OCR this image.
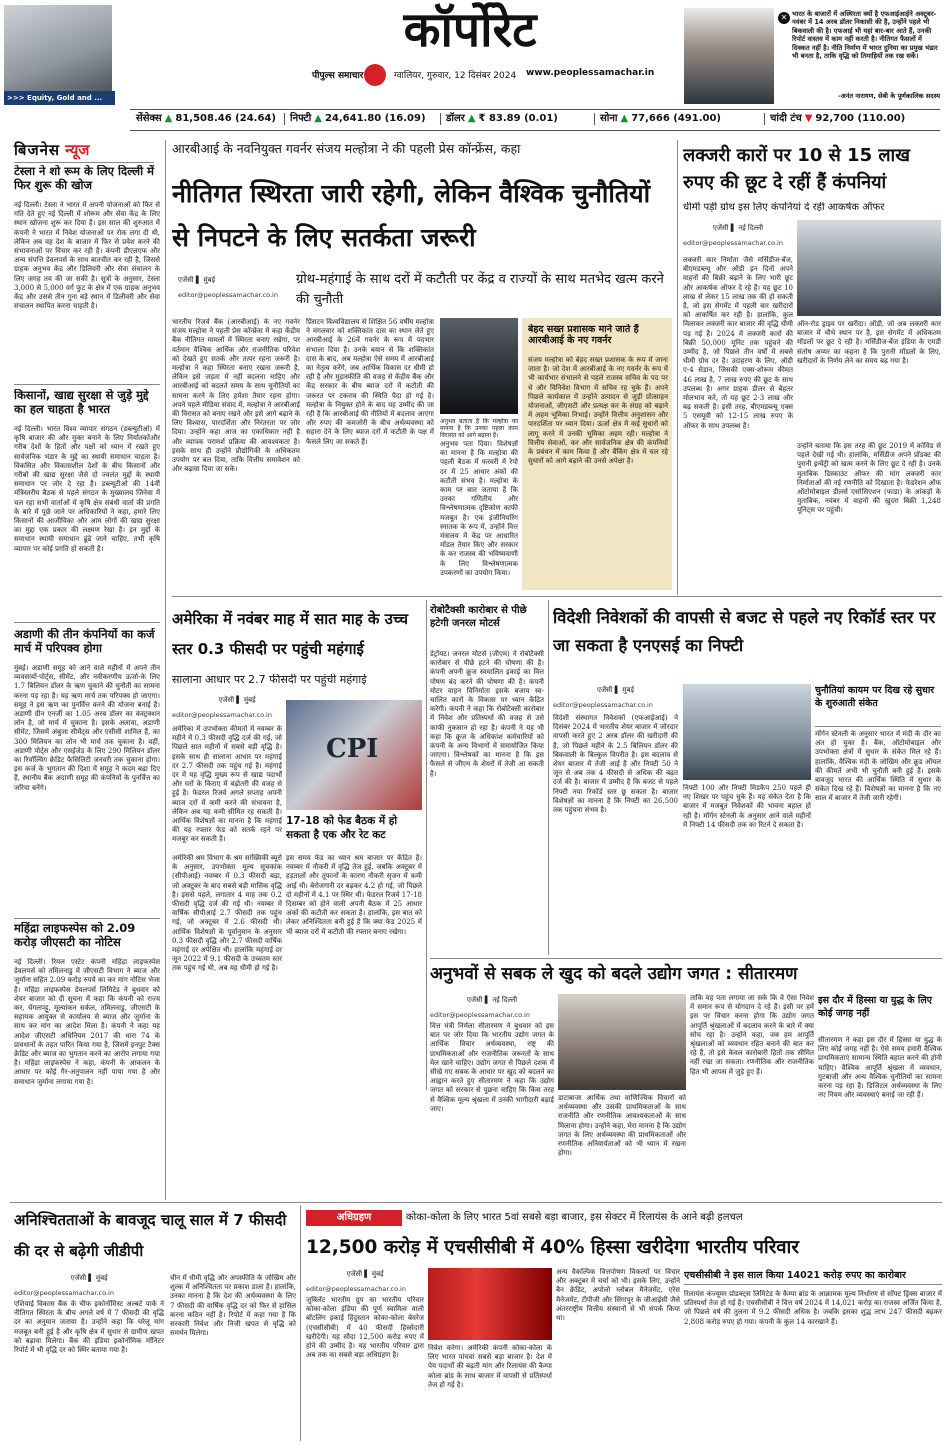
>>> Equity, Gold and ...
कॉर्पोरेट
पीपुल्स समाचार	ग्वालियर, गुरुवार, 12 दिसंबर 2024 www.peoplessamachar.in
✕ भारत के बाजारों में अस्थिरता क्यों है एफआईआईने अक्टूबर-नवंबर में 14 अरब डॉलर निकासी की है, उन्होंने पहले भी बिकवाली की है। एफआई भी यहां बार-बार आते हैं, उनकी रिपोर्ट वास्तव में काम नहीं करती है। नीतिगत फैसलों में दिक्कत नहीं है। नीति निर्माण में भारत दुनिया का प्रमुख भंडार भी बनता है, ताकि वृद्धि को तिमाहियों तक रख सकें।
-अनंत नारायण, सेबी के पूर्णकालिक सदस्य
सेंसेक्स ▲ 81,508.46 (24.64) निफ्टी ▲ 24,641.80 (16.09) डॉलर ▲ ₹ 83.89 (0.01)	सोना ▲ 77,666 (491.00)	चांदी टंच ▼ 92,700 (110.00)
बिजनेस न्यूज
टेस्ला ने शो रूम के लिए दिल्ली में फिर शुरू की खोज
नई दिल्ली। टेस्ला ने भारत में अपनी योजनाओं को फिर से गति देते हुए नई दिल्ली में शोरूम और सेवा केंद्र के लिए स्थान खोजना शुरू कर दिया है। इस साल की शुरुआत में कंपनी ने भारत में निवेश योजनाओं पर रोक लगा दी थी, लेकिन अब वह देश के बाजार में फिर से प्रवेश करने की संभावनाओं पर विचार कर रही है। कंपनी डीएलएफ और अन्य संपत्ति डेवलपर्स के साथ बातचीत कर रही है, जिससे ग्राहक अनुभव केंद्र और डिलिवरी और सेवा संचालन के लिए जगह तय की जा सकी है। सूत्रों के अनुसार, टेस्ला 3,000 से 5,000 वर्ग फुट के क्षेत्र में एक ग्राहक अनुभव केंद्र और उससे तीन गुना बड़े स्थान में डिलीवरी और सेवा संचालन स्थापित करना चाहती है।
किसानों, खाद्य सुरक्षा से जुड़े मुद्दे का हल चाहता है भारत
नई दिल्ली। भारत विश्व व्यापार संगठन (डब्ल्यूटीओ) में कृषि बाजार की और मुक्त बनाने के लिए निर्यातकोंऔर गरीब देशों के हितों और पक्षों को ध्यान में रखते हुए सार्वजनिक भंडार के मुद्दे का स्थायी समाधान चाहता है। विकसित और विकासशील देशों के बीच किसानों और गरीबों की खाद्य सुरक्षा जैसे दो ज्वलंत मुद्दों के स्थायी समाधान पर जोर दे रहा है। डब्ल्यूटीओ की 14वीं मंत्रिस्तरीय बैठक से पहले संगठन के मुख्यालय जिनेवा में चल रहा सभी वार्ताओं में कृषि क्षेत्र संबंधी वार्ता की प्रगति के बारे में पूछे जाने पर अधिकारियों ने कहा, हमारे लिए किसानों की आजीविका और आम लोगों की खाद्य सुरक्षा का मुद्दा एक प्रकार की लक्ष्मण रेखा है। इन मुद्दों के समाधान स्थायी समाधान ढूंढे जाने चाहिए, तभी कृषि व्यापार पर कोई प्रगति हो सकती है।
अडाणी की तीन कंपनियों का कर्ज मार्च में परिपक्व होगा
मुंबई। अडाणी समूह को आने वाले महीनों में अपने तीन व्यवसायों-पोर्ट्स, सीमेंट, और नवीकरणीय ऊर्जा-के लिए 1.7 बिलियन डॉलर के ऋण चुकाने की चुनौती का सामना करना पड़ रहा है। यह ऋण मार्च तक परिपक्व हो जाएगा। समूह ने इस ऋण का पुनर्वित्त करने की योजना बनाई है। अडाणी ग्रीन एनर्जी का 1.05 अरब डॉलर का कंस्ट्रक्शन लोन है, जो मार्च में चुकाना है। इसके अलावा, अडाणी सीमेंट, जिसमें अंबुजा सीमेंट्स और एसीसी शामिल हैं, का 300 मिलियन का लोन भी मार्च तक चुकाना है। वहीं, अडाणी पोर्ट्स और एसईजेड के लिए 290 मिलियन डॉलर का रिवॉल्विंग क्रेडिट फैसिलिटी जनवरी तक चुकाना होगा। इस कर्ज के भुगतान की दिशा में समूह ने कदम बढ़ा दिए हैं, स्थानीय बैंक अदाणी समूह की कंपनियों के पुनर्वित्त का जरिया बनेंगे।
महिंद्रा लाइफस्पेस को 2.09 करोड़ जीएसटी का नोटिस
नई दिल्ली। रियल एस्टेट कंपनी महिंद्रा लाइफस्पेस डेवलपर्स को तमिलनाडु में जीएसटी विभाग ने ब्याज और जुर्माना सहित 2.09 करोड़ रुपये का कर मांग नोटिस भेजा है। महिंद्रा लाइफस्पेस डेवलपर्स लिमिटेड ने बुधवार को शेयर बाजार को दी सूचना में कहा कि कंपनी को राज्य कर, चेंगलपट्टू, मूल्यांकन सर्कल, तमिलनाडु, जीएसटी के सहायक आयुक्त से कार्यालय से ब्याज और जुर्माना के साथ कर मांग का आदेश मिला है। कंपनी ने कहा यह आदेश जीएसटी अधिनियम 2017 की धारा 74 के प्रावधानों के तहत पारित किया गया है, जिसमें इनपुट टैक्स क्रेडिट और ब्याज का भुगतान करने का आरोप लगाया गया है। महिंद्रा लाइफस्पेस ने कहा, कंपनी के आकलन के आधार पर कोई गैर-अनुपालन नहीं पाया गया है और समाधान जुर्माना लगाया गया है।
आरबीआई के नवनियुक्त गवर्नर संजय मल्होत्रा ने की पहली प्रेस कॉन्फ्रेंस, कहा
नीतिगत स्थिरता जारी रहेगी, लेकिन वैश्विक चुनौतियों से निपटने के लिए सतर्कता जरूरी
एजेंसी ▌ मुंबई
editor@peoplessamachar.co.in
ग्रोथ-महंगाई के साथ दरों में कटौती पर केंद्र व राज्यों के साथ मतभेद खत्म करने की चुनौती
भारतीय रिजर्व बैंक (आरबीआई) के नए गवर्नर संजय मल्होत्रा ने पहली प्रेस कॉन्फ्रेंस में कहा केंद्रीय बैंक नीतिगत मामलों में स्थिरता बनाए रखेगा, पर वर्तमान वैश्विक आर्थिक और राजनीतिक परिवेश को देखते हुए सतर्क और तत्पर रहना जरूरी है। मल्होत्रा ने कहा स्थिरता बनाए रखना जरूरी है, लेकिन इसे जड़ता में नहीं बदलना चाहिए और आरबीआई को बदलते समय के साथ चुनौतियों का सामना करने के लिए हमेशा तैयार रहना होगा। अपने पहले मीडिया संवाद में, मल्होत्रा ने आरबीआई की विरासत को बनाए रखने और इसे आगे बढ़ाने के लिए विश्वास, पारदर्शिता और निरंतरता पर जोर दिया। उन्होंने कहा आज का एकाधिकार नहीं है और व्यापक परामर्श प्रक्रिया की आवश्यकता है। इसके साथ ही उन्होंने प्रौद्योगिकी के अधिकतम उपयोग पर बल दिया, ताकि वित्तीय समावेशन को और बढ़ावा दिया जा सके।
प्रिंसटन विश्वविद्यालय से शिक्षित 56 वर्षीय मल्होत्रा ने मंगलवार को शक्तिकांत दास का स्थान लेते हुए आरबीआई के 26वें गवर्नर के रूप में पदभार संभाला दिया है। उनके बयान से कि शक्तिकांत दास के बाद, अब मल्होत्रा ऐसे समय में आरबीआई का नेतृत्व करेंगे, जब आर्थिक विकास दर धीमी हो रही है और मुद्रास्फीति की वजह से केंद्रीय बैंक और केंद्र सरकार के बीच ब्याज दरों में कटौती की जरूरत पर टकराव की स्थिति पैदा हो गई है। मल्होत्रा के नियुक्त होने के बाद यह उम्मीद की जा रही है कि आरबीआई की नीतियों में बदलाव आएगा और रुपए की कमजोरी के बीच अर्थव्यवस्था को सहारा देने के लिए ब्याज दरों में कटौती के पक्ष में फैसले लिए जा सकते हैं।
अनुभव बताता है कि मल्होत्रा का मानना है कि उनका पहला काम विरासत को आगे बढ़ाना है।
अनुभव पता दिया। विशेषज्ञों का मानना है कि मल्होत्रा की पहली बैठक में फरवरी में रेपो दर में 25 आधार अंकों की कटौती संभव है। मल्होत्रा के काम पर बात जताया है कि उनका गणितीय और विश्लेषणात्मक दृष्टिकोण काफी मजबूत है। एक इंजीनियरिंग स्नातक के रूप में, उन्होंने वित्त मंत्रालय में केंद्र पर आधारित मॉडल तैयार किए और सरकार के कर राजस्व की भविष्यवाणी के लिए विश्लेषणात्मक उपकरणों का उपयोग किया।
बेहद सख्त प्रशासक माने जाते हैं आरबीआई के नए गवर्नर
संजय मल्होत्रा को बेहद सख्त प्रशासक के रूप में जाना जाता है। जो देश में आरबीआई के नए गवर्नर के रूप में भी कार्यभार संभालने से पहले राजस्व सचिव के पद पर थे और विनिवेश विभाग में सचिव रह चुके हैं। अपने पिछले कार्यकाल में उन्होंने उत्पादन से जुड़ी प्रोत्साहन योजनाओं, जीएसटी और प्रत्यक्ष कर के संग्रह को बढ़ाने में अहम भूमिका निभाई। उन्होंने वित्तीय अनुशासन और पारदर्शिता पर ध्यान दिया। ऊर्जा क्षेत्र में कई सुधारों को लागू करने में उनकी भूमिका अहम रही। मल्होत्रा ने वित्तीय सेवाओं, कर और सार्वजनिक क्षेत्र की कंपनियों के प्रबंधन में काम किया है और बैंकिंग क्षेत्र में चल रहे सुधारों को आगे बढ़ाने की उनसे अपेक्षा है।
लक्जरी कारों पर 10 से 15 लाख रुपए की छूट दे रहीं हैं कंपनियां
धीमी पड़ी ग्रोथ इस लिए कंपनियां दे रही आकर्षक ऑफर
एजेंसी ▌ नई दिल्ली
editor@peoplessamachar.co.in
लक्जरी कार निर्माता जैसे मर्सिडीज-बेंज, बीएमडब्ल्यू और ऑडी इन दिनों अपने वाहनों की बिक्री बढ़ाने के लिए भारी छूट और आकर्षक ऑफर दे रहे हैं। यह छूट 10 लाख से लेकर 15 लाख तक की हो सकती है, जो इस सेगमेंट में पहली बार खरीदारों को आकर्षित कर रही है। हालांकि, कुल मिलाकर लक्जरी कार बाजार की वृद्धि धीमी पड़ गई है। 2024 में लक्जरी कारों की बिक्री 50,000 यूनिट तक पहुंचने की उम्मीद है, जो पिछले तीन वर्षों में सबसे धीमी ग्रोथ दर है। उदाहरण के लिए, ऑडी ए-4 सेडान, जिसकी एक्स-शोरूम कीमत 46 लाख है, 7 लाख रुपए की छूट के साथ उपलब्ध है। अगर ग्राहक डीलर से बेहतर मोलभाव करे, तो यह छूट 2-3 लाख और बढ़ सकती है। इसी तरह, बीएमडब्ल्यू एक्स 5 एसयूवी को 12-15 लाख रुपए के ऑफर के साथ उपलब्ध है।
ऑन-रोड ड्राइव पर खरीदा। ऑडी, जो अब लक्जरी कार बाजार में चौथे स्थान पर है, इस सेगमेंट में अधिकतम मॉडलों पर छूट दे रही है। मर्सिडीज-बेंज इंडिया के एमडी संतोष अय्यर का कहना है कि पुरानी मॉडलों के लिए, खरीदारों के निर्णय लेने का समय बढ़ गया है।
उन्होंने बताया कि इस तरह की छूट 2019 में कोविड से पहले देखी गई थी। हालांकि, मर्सिडीज अपने प्रॉडक्ट की पुरानी इन्वेंट्री को खत्म करने के लिए छूट दे रही है। उनके मुताबिक डिस्काउंट ऑफर की मांग लक्जरी कार निर्माताओं की नई रणनीति को दिखाता है। फेडरेशन ऑफ ऑटोमोबाइल डीलर्स एसोसिएशन (फाडा) के आंकड़ों के मुताबिक, नवंबर में वाहनों की खुदरा बिक्री 1,248 यूनिट्स पर पहुंची।
अमेरिका में नवंबर माह में सात माह के उच्च स्तर 0.3 फीसदी पर पहुंची महंगाई
सालाना आधार पर 2.7 फीसदी पर पहुंची महंगाई
एजेंसी ▌ मुंबई
editor@peoplessamachar.co.in
अमेरिका में उपभोक्ता कीमतों में नवम्बर के महीने में 0.3 फीसदी वृद्धि दर्ज की गई, जो पिछले सात महीनों में सबसे बड़ी वृद्धि है। इसके साथ ही सालाना आधार पर महंगाई दर 2.7 फीसदी तक पहुंच गई है। महंगाई दर में यह वृद्धि मुख्य रूप से खाद्य पदार्थों और घरों के किराए में बढ़ोतरी की वजह से हुई है। फेडरल रिजर्व अगले सप्ताह अपनी ब्याज दरों में कमी करने की संभावना है, लेकिन अब यह कमी सीमित रह सकती है। आर्थिक विशेषज्ञों का मानना है कि महंगाई की यह रफ्तार फेड को सतर्क रहने पर मजबूर कर सकती है।
CPI
17-18 को फेड बैठक में हो सकता है एक और रेट कट
अमेरिकी श्रम विभाग के श्रम सांख्यिकी ब्यूरो के अनुसार, उपभोक्ता मूल्य सूचकांक (सीपीआई) नवम्बर में 0.3 फीसदी बढ़ा, जो अक्टूबर के बाद सबसे बड़ी मासिक वृद्धि है। इससे पहले, लगातार 4 माह तक 0.2 फीसदी वृद्धि दर्ज की गई थी। नवम्बर में वार्षिक सीपीआई 2.7 फीसदी तक पहुंच गई, जो अक्टूबर में 2.6 फीसदी थी। आर्थिक विशेषज्ञों के पूर्वानुमान के अनुसार 0.3 फीसदी वृद्धि और 2.7 फीसदी वार्षिक महंगाई दर अपेक्षित थी। हालांकि महंगाई दर जून 2022 में 9.1 फीसदी के उच्चतम स्तर तक पहुंच गई थी, अब यह धीमी हो गई है।
इस समय फेड का ध्यान श्रम बाजार पर केंद्रित है। नवम्बर में नौकरी में वृद्धि तेज हुई, जबकि अक्टूबर में हड़तालों और तूफानों के कारण नौकरी सृजन में कमी आई थी। बेरोजगारी दर बढ़कर 4.2 हो गई, जो पिछले दो महीनों में 4.1 पर स्थिर थी। फेडरल रिजर्व 17-18 दिसम्बर को होने वाली अपनी बैठक में 25 आधार अंकों की कटौती कर सकता है। हालांकि, इस बात को लेकर अनिश्चितता बनी हुई है कि क्या फेड 2025 में भी ब्याज दरों में कटौती की रफ्तार बनाए रखेगा।
रोबोटैक्सी कारोबार से पीछे हटेगी जनरल मोटर्स
डेट्रॉयट। जनरल मोटर्स (जीएम) ने रोबोटैक्सी कारोबार से पीछे हटने की घोषणा की है। कंपनी अपनी क्रूज स्वचालित इकाई का वित्त पोषण बंद करने की घोषणा की है। कंपनी मोटर वाहन विनिर्माता इसके बजाय स्व-चालित कारों के विकास पर ध्यान केंद्रित करेगी। कंपनी ने कहा कि रोबोटैक्सी कारोबार में निवेश और प्रतिस्पर्धा की वजह से उसे काफी नुकसान हो रहा है। कंपनी ने यह भी कहा कि क्रूज के अधिकांश कर्मचारियों को कंपनी के अन्य विभागों में समायोजित किया जाएगा। विश्लेषकों का मानना है कि इस फैसले से जीएम के शेयरों में तेजी आ सकती है।
विदेशी निवेशकों की वापसी से बजट से पहले नए रिकॉर्ड स्तर पर जा सकता है एनएसई का निफ्टी
एजेंसी ▌ मुंबई
editor@peoplessamachar.co.in
विदेशी संस्थागत निवेशकों (एफआईआई) ने दिसंबर 2024 में भारतीय शेयर बाजार में जोरदार वापसी करते हुए 2 अरब डॉलर की खरीदारी की है, जो पिछले महीने के 2.5 बिलियन डॉलर की बिकवाली के बिल्कुल विपरीत है। इस बदलाव से शेयर बाजार में तेजी आई है और निफ्टी 50 ने जून से अब तक 4 फीसदी से अधिक की बढ़त दर्ज की है। बाजार में उम्मीद है कि बजट से पहले निफ्टी नया रिकॉर्ड स्तर छू सकता है। बाजार विशेषज्ञों का मानना है कि निफ्टी का 26,500 तक पहुंचना संभव है।
निफ्टी 100 और निफ्टी मिडकैप 250 पहले ही नए शिखर पर पहुंच चुके हैं। यह संकेत देता है कि बाजार में मजबूत निवेशकों की भावना बहाल हो रही है। मॉर्गन स्टेनली के अनुसार आने वाले महीनों में निफ्टी 14 फीसदी तक का रिटर्न दे सकता है।
चुनौतियां कायम पर दिख रहे सुधार के शुरुआती संकेत
मॉर्गन स्टेनली के अनुसार भारत में मंदी के दौर का अंत हो चुका है। बैंक, ऑटोमोबाइल और उपभोक्ता क्षेत्रों में सुधार के संकेत मिल रहे हैं। हालांकि, वैश्विक मंदी के जोखिम और क्रूड ऑयल की कीमतें अभी भी चुनौती बनी हुई हैं। इसके बावजूद भारत की आर्थिक स्थिति में सुधार के संकेत दिख रहे हैं। विशेषज्ञों का मानना है कि नए साल में बाजार में तेजी जारी रहेगी।
अनुभवों से सबक ले खुद को बदले उद्योग जगत : सीतारमण
एजेंसी ▌ नई दिल्ली
editor@peoplessamachar.co.in
वित्त मंत्री निर्मला सीतारमण ने बुधवार को इस बात पर जोर दिया कि भारतीय उद्योग जगत के आर्थिक विचार अर्थव्यवस्था, राष्ट्र की प्राथमिकताओं और राजनीतिक जरूरतों के साथ मेल खाने चाहिए। उद्योग जगत से पिछले दशक में सीखे गए सबक के आधार पर खुद को बदलने का आह्वान करते हुए सीतारमण ने कहा कि उद्योग जगत को सरकार से पूछना चाहिए कि किस तरह से वैश्विक मूल्य श्रृंखला में उनकी भागीदारी बढ़ाई जाए।
डाटाबाजा आर्थिक तथा वाणिज्यिक विचारों को अर्थव्यवस्था और उसकी प्राथमिकताओं के साथ राजनीति और रणनीतिक आवश्यकताओं के साथ मिलाना होगा। उन्होंने कहा, मेरा मानना है कि उद्योग जगत के लिए अर्थव्यवस्था की प्राथमिकताओं और रणनीतिक अनिवार्यताओं को भी ध्यान में रखना होगा।
ताकि यह पता लगाया जा सके कि वे ऐसा निवेश में समान रूप से योगदान दे रहे हैं। इसी पर हमें इस पर विचार करना होगा कि उद्योग जगत आपूर्ति श्रृंखलाओं में बदलाव करने के बारे में क्या सोच रहा है। उन्होंने कहा, जब हम आपूर्ति श्रृंखलाओं को व्यवधान रहित बनाने की बात कर रहे हैं, तो इसे केवल कारोबारी हितों तक सीमित नहीं रखा जा सकता। रणनीतिक और राजनीतिक हित भी आपस में जुड़े हुए हैं।
इस दौर में हिस्सा या युद्ध के लिए कोई जगह नहीं
सीतारमण ने कहा इस दौर में हिस्सा या युद्ध के लिए कोई जगह नहीं है। ऐसे समय हमारी वैश्विक प्राथमिकताएं सामान्य स्थिति बहाल करने की होनी चाहिए। वैश्विक आपूर्ति श्रृंखला में व्यवधान, गुटबाजी और अन्य वैश्विक चुनौतियों का सामना करना पड़ रहा है। डिजिटल अर्थव्यवस्था के लिए नए नियम और व्यवस्थाएं बनाई जा रही हैं।
अनिश्चितताओं के बावजूद चालू साल में 7 फीसदी की दर से बढ़ेगी जीडीपी
एजेंसी ▌ मुंबई
editor@peoplessamachar.co.in
एशियाई विकास बैंक के चीफ इकोनॉमिस्ट अल्बर्ट पार्क ने नीतिगत स्थिरता के बीच अगले वर्ष में 7 फीसदी की वृद्धि दर का अनुमान जताया है। उन्होंने कहा कि घरेलू मांग मजबूत बनी हुई है और कृषि क्षेत्र में सुधार से ग्रामीण खपत को बढ़ावा मिलेगा। बैंक की इंडिया इकोनॉमिक मॉनिटर रिपोर्ट में भी वृद्धि दर को स्थिर बताया गया है।
चीन में धीमी वृद्धि और अपस्फीति के जोखिम और शुल्क में अनिश्चितता पर प्रकाश डाला है। हालांकि, उनका मानना है कि देश की अर्थव्यवस्था के लिए 7 फीसदी की वार्षिक वृद्धि दर को फिर से हासिल करना कठिन नहीं है। रिपोर्ट में कहा गया है कि सरकारी निवेश और निजी खपत से वृद्धि को समर्थन मिलेगा।
अधिग्रहण	कोका-कोला के लिए भारत 5वां सबसे बड़ा बाजार, इस सेक्टर में रिलायंस के आने बढ़ी हलचल
12,500 करोड़ में एचसीसीबी में 40% हिस्सा खरीदेगा भारतीय परिवार
एजेंसी ▌ मुंबई
editor@peoplessamachar.co.in
जुबिलेंट भारतीय ग्रुप का भारतीय परिवार कोका-कोला इंडिया की पूर्ण स्वामित्व वाली बॉटलिंग इकाई हिंदुस्तान कोका-कोला बेवरेज (एचसीसीबी) में 40 फीसदी हिस्सेदारी खरीदेगी। यह सौदा 12,500 करोड़ रुपए में होने की उम्मीद है। यह भारतीय परिवार द्वारा अब तक का सबसे बड़ा अधिग्रहण है।
निवेश करेगा। अमेरिकी कंपनी कोका-कोला के लिए भारत पांचवां सबसे बड़ा बाजार है। देश में पेय पदार्थों की बढ़ती मांग और रिलायंस की कैम्पा कोला ब्रांड के साथ बाजार में वापसी से प्रतिस्पर्धा तेज हो गई है।
अन्य वैकल्पिक वित्तपोषण विकल्पों पर विचार और अक्टूबर में चर्चा को भी। इसके लिए, उन्होंने बैन क्रेडिट, अपोलो ग्लोबल मैनेजमेंट, एरेस मैनेजमेंट, टीपीजी और सिंगापुर के जीआईसी जैसे अंतरराष्ट्रीय वित्तीय संस्थानों से भी संपर्क किया था।
एचसीसीबी ने इस साल किया 14021 करोड़ रुपए का कारोबार
रिलायंस कंज्यूमर प्रोडक्ट्स लिमिटेड के कैम्पा ब्रांड के आक्रामक मूल्य निर्धारण से सॉफ्ट ड्रिंक्स बाजार में प्रतिस्पर्धा तेज हो गई है। एचसीसीबी ने वित्त वर्ष 2024 में 14,021 करोड़ का राजस्व अर्जित किया है, जो पिछले वर्ष की तुलना में 9.2 फीसदी अधिक है। जबकि इसका शुद्ध लाभ 247 फीसदी बढ़कर 2,808 करोड़ रुपए हो गया। कंपनी के कुल 14 कारखाने हैं।
